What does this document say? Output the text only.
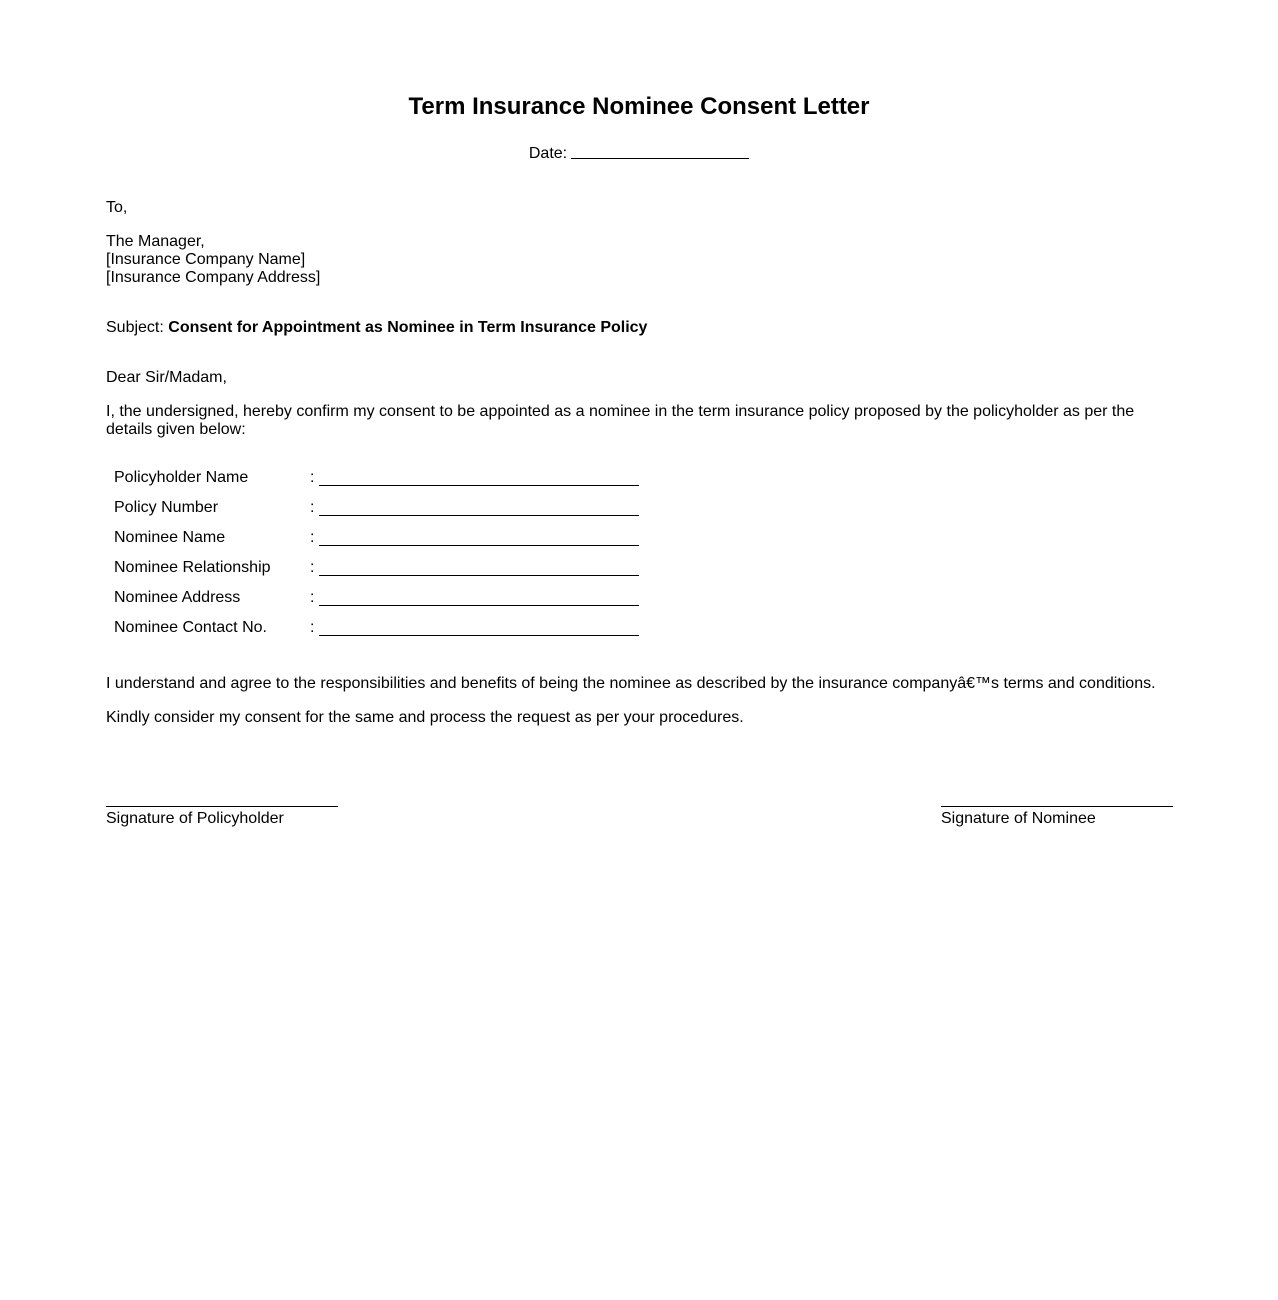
Term Insurance Nominee Consent Letter
Date:
To,
The Manager,
[Insurance Company Name]
[Insurance Company Address]
Subject: Consent for Appointment as Nominee in Term Insurance Policy
Dear Sir/Madam,
I, the undersigned, hereby confirm my consent to be appointed as a nominee in the term insurance policy proposed by the policyholder as per the details given below:
Policyholder Name	:
Policy Number	:
Nominee Name	:
Nominee Relationship :
Nominee Address	:
Nominee Contact No.	:
I understand and agree to the responsibilities and benefits of being the nominee as described by the insurance companyâ€™s terms and conditions.
Kindly consider my consent for the same and process the request as per your procedures.
Signature of Policyholder	Signature of Nominee
